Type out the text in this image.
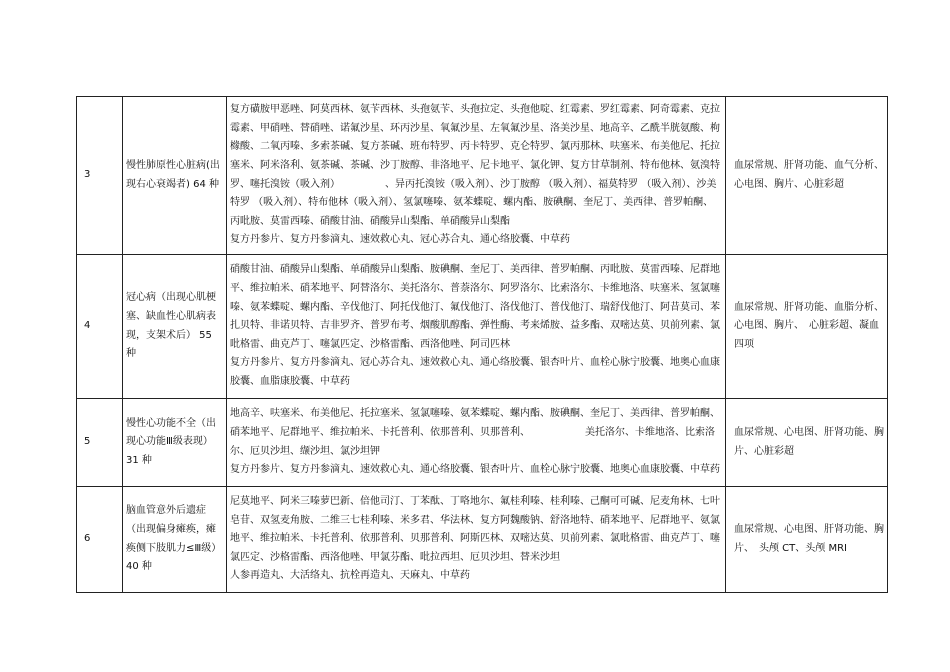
3	慢性肺原性心脏病(出现右心衰竭者) 64 种	复方磺胺甲恶唑、阿莫西林、氨苄西林、头孢氨苄、头孢拉定、头孢他啶、红霉素、罗红霉素、阿奇霉素、克拉霉素、甲硝唑、替硝唑、诺氟沙星、环丙沙星、氧氟沙星、左氧氟沙星、洛美沙星、地高辛、乙酰半胱氨酸、枸橼酸、二氧丙嗪、多索茶碱、复方茶碱、班布特罗、丙卡特罗、克仑特罗、氯丙那林、呋塞米、布美他尼、托拉塞米、阿米洛利、氨茶碱、茶碱、沙丁胺醇、非洛地平、尼卡地平、氯化钾、复方甘草制剂、特布他林、氨溴特罗、噻托溴铵（吸入剂）　　　　　、异丙托溴铵（吸入剂）、沙丁胺醇 （吸入剂）、福莫特罗 （吸入剂）、沙美特罗 （吸入剂）、特布他林（吸入剂）、氢氯噻嗪、氨苯蝶啶、螺内酯、胺碘酮、奎尼丁、美西律、普罗帕酮、丙吡胺、莫雷西嗪、硝酸甘油、硝酸异山梨酯、单硝酸异山梨酯
复方丹参片、复方丹参滴丸、速效救心丸、冠心苏合丸、通心络胶囊、中草药	血尿常规、肝肾功能、血气分析、心电图、胸片、心脏彩超
4	冠心病（出现心肌梗塞、缺血性心肌病表现，支架术后） 55 种	硝酸甘油、硝酸异山梨酯、单硝酸异山梨酯、胺碘酮、奎尼丁、美西律、普罗帕酮、丙吡胺、莫雷西嗪、尼群地平、维拉帕米、硝苯地平、阿替洛尔、美托洛尔、普萘洛尔、阿罗洛尔、比索洛尔、卡维地洛、呋塞米、氢氯噻嗪、氨苯蝶啶、螺内酯、辛伐他汀、阿托伐他汀、氟伐他汀、洛伐他汀、普伐他汀、瑞舒伐他汀、阿昔莫司、苯扎贝特、非诺贝特、吉非罗齐、普罗布考、烟酸肌醇酯、弹性酶、考来烯胺、益多酯、双嘧达莫、贝前列素、氯吡格雷、曲克芦丁、噻氯匹定、沙格雷酯、西洛他唑、阿司匹林
复方丹参片、复方丹参滴丸、冠心苏合丸、速效救心丸、通心络胶囊、银杏叶片、血栓心脉宁胶囊、地奥心血康胶囊、血脂康胶囊、中草药	血尿常规、肝肾功能、血脂分析、心电图、胸片、　心脏彩超、凝血四项
5	慢性心功能不全（出现心功能Ⅲ级表现） 31 种	地高辛、呋塞米、布美他尼、托拉塞米、氢氯噻嗪、氨苯蝶啶、螺内酯、胺碘酮、奎尼丁、美西律、普罗帕酮、硝苯地平、尼群地平、维拉帕米、卡托普利、依那普利、贝那普利、　　　　　　美托洛尔、卡维地洛、比索洛尔、厄贝沙坦、缬沙坦、氯沙坦钾
复方丹参片、复方丹参滴丸、速效救心丸、通心络胶囊、银杏叶片、血栓心脉宁胶囊、地奥心血康胶囊、中草药	血尿常规、心电图、肝肾功能、胸片、心脏彩超
6	脑血管意外后遗症（出现偏身瘫痪，瘫痪侧下肢肌力≤Ⅲ级） 40 种	尼莫地平、阿米三嗪萝巴新、倍他司汀、丁苯酞、丁咯地尔、氟桂利嗪、桂利嗪、己酮可可碱、尼麦角林、七叶皂苷、双氢麦角胺、二维三七桂利嗪、米多君、华法林、复方阿魏酸钠、舒洛地特、硝苯地平、尼群地平、氨氯地平、维拉帕米、卡托普利、依那普利、贝那普利、阿斯匹林、双嘧达莫、贝前列素、氯吡格雷、曲克芦丁、噻氯匹定、沙格雷酯、西洛他唑、甲氯芬酯、吡拉西坦、厄贝沙坦、替米沙坦
人参再造丸、大活络丸、抗栓再造丸、天麻丸、中草药	血尿常规、心电图、肝肾功能、胸片、　头颅 CT、头颅 MRI
